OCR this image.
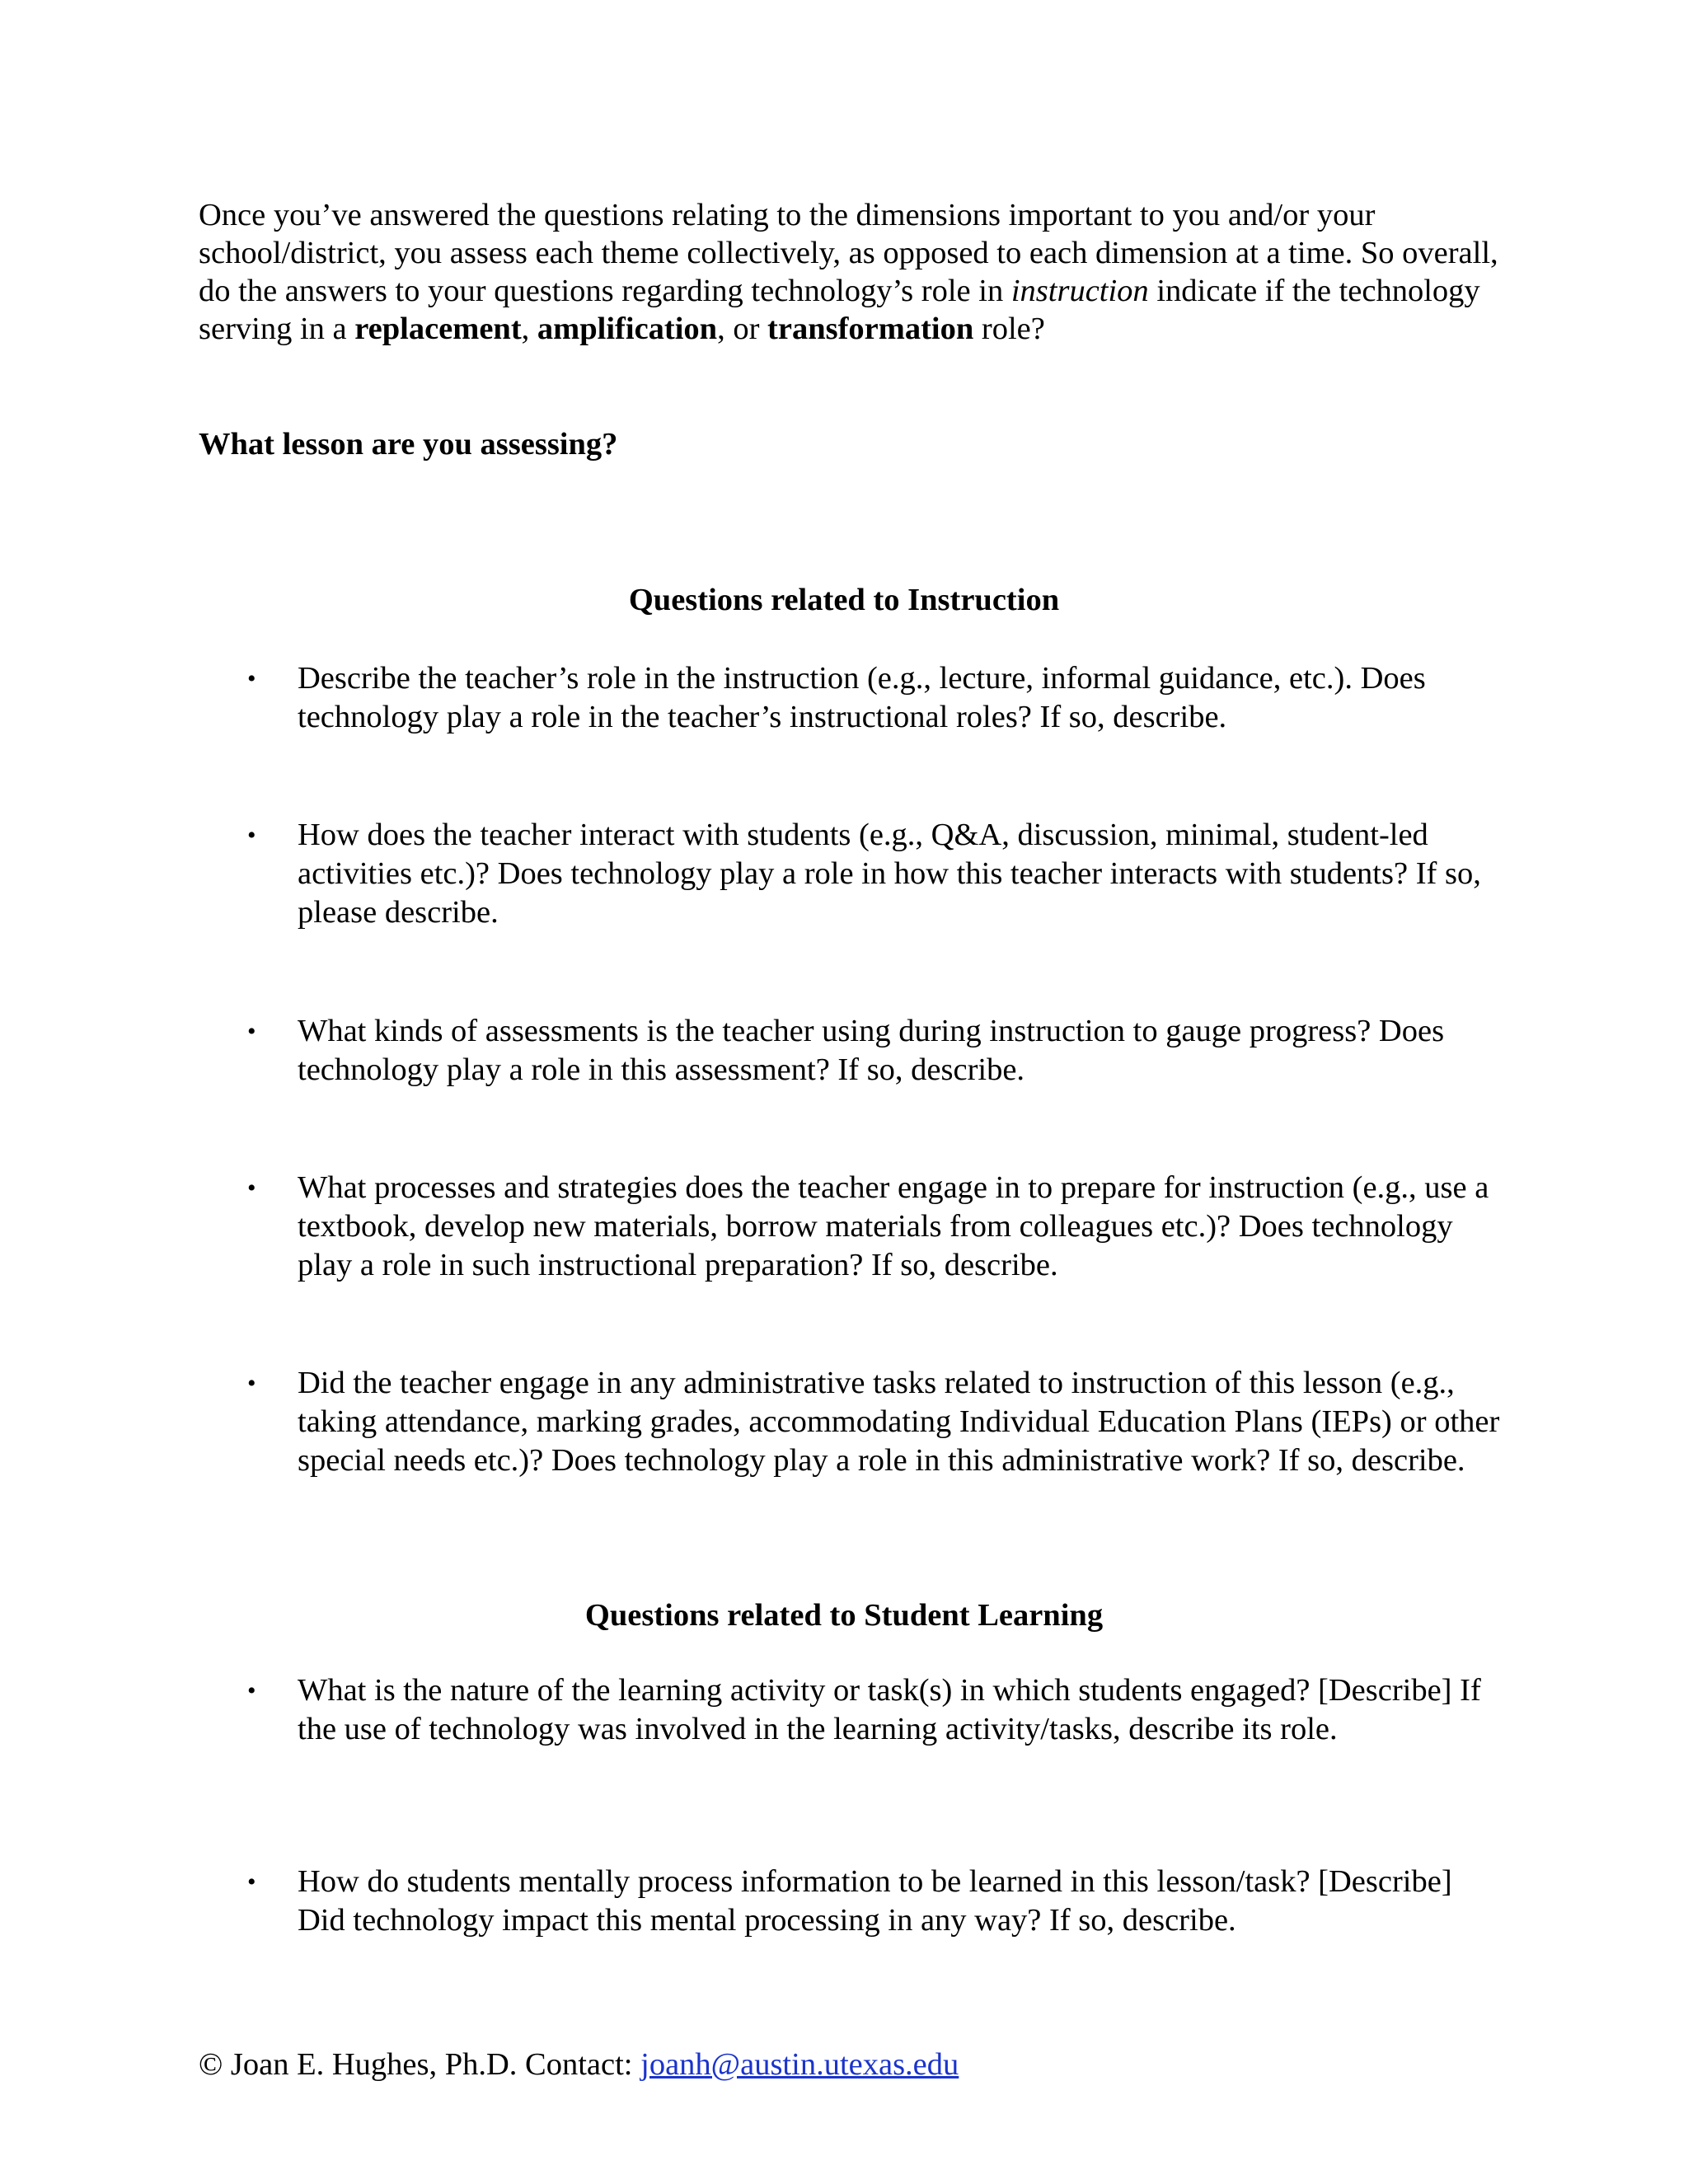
Once you’ve answered the questions relating to the dimensions important to you and/or your school/district, you assess each theme collectively, as opposed to each dimension at a time. So overall, do the answers to your questions regarding technology’s role in instruction indicate if the technology serving in a replacement, amplification, or transformation role?

What lesson are you assessing?

Questions related to Instruction
•	Describe the teacher’s role in the instruction (e.g., lecture, informal guidance, etc.). Does technology play a role in the teacher’s instructional roles? If so, describe.
•	How does the teacher interact with students (e.g., Q&A, discussion, minimal, student-led activities etc.)? Does technology play a role in how this teacher interacts with students? If so, please describe.
•	What kinds of assessments is the teacher using during instruction to gauge progress? Does technology play a role in this assessment? If so, describe.
•	What processes and strategies does the teacher engage in to prepare for instruction (e.g., use a textbook, develop new materials, borrow materials from colleagues etc.)? Does technology play a role in such instructional preparation? If so, describe.
•	Did the teacher engage in any administrative tasks related to instruction of this lesson (e.g., taking attendance, marking grades, accommodating Individual Education Plans (IEPs) or other special needs etc.)? Does technology play a role in this administrative work? If so, describe.
Questions related to Student Learning
•	What is the nature of the learning activity or task(s) in which students engaged? [Describe] If the use of technology was involved in the learning activity/tasks, describe its role.
•	How do students mentally process information to be learned in this lesson/task? [Describe] Did technology impact this mental processing in any way? If so, describe.

© Joan E. Hughes, Ph.D. Contact: joanh@austin.utexas.edu
